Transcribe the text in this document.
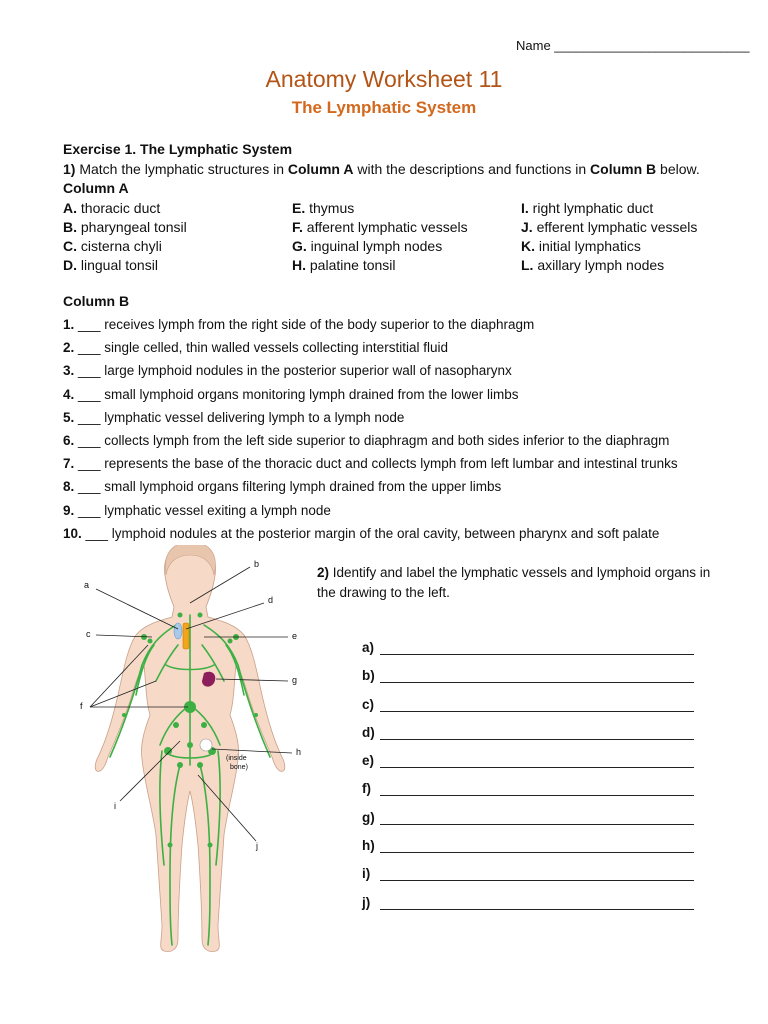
Name ___________________________
Anatomy Worksheet 11
The Lymphatic System
Exercise 1. The Lymphatic System
1) Match the lymphatic structures in Column A with the descriptions and functions in Column B below.
Column A
A. thoracic duct
B. pharyngeal tonsil
C. cisterna chyli
D. lingual tonsil
E. thymus
F. afferent lymphatic vessels
G. inguinal lymph nodes
H. palatine tonsil
I. right lymphatic duct
J. efferent lymphatic vessels
K. initial lymphatics
L. axillary lymph nodes
Column B
1. ___ receives lymph from the right side of the body superior to the diaphragm
2. ___ single celled, thin walled vessels collecting interstitial fluid
3. ___ large lymphoid nodules in the posterior superior wall of nasopharynx
4. ___ small lymphoid organs monitoring lymph drained from the lower limbs
5. ___ lymphatic vessel delivering lymph to a lymph node
6. ___ collects lymph from the left side superior to diaphragm and both sides inferior to the diaphragm
7. ___ represents the base of the thoracic duct and collects lymph from left lumbar and intestinal trunks
8. ___ small lymphoid organs filtering lymph drained from the upper limbs
9. ___ lymphatic vessel exiting a lymph node
10. ___ lymphoid nodules at the posterior margin of the oral cavity, between pharynx and soft palate
2) Identify and label the lymphatic vessels and lymphoid organs in the drawing to the left.
a)
b)
c)
d)
e)
f)
g)
h)
i)
j)
a
b
d
c	e
g
f
h
(inside
bone)
i
j
